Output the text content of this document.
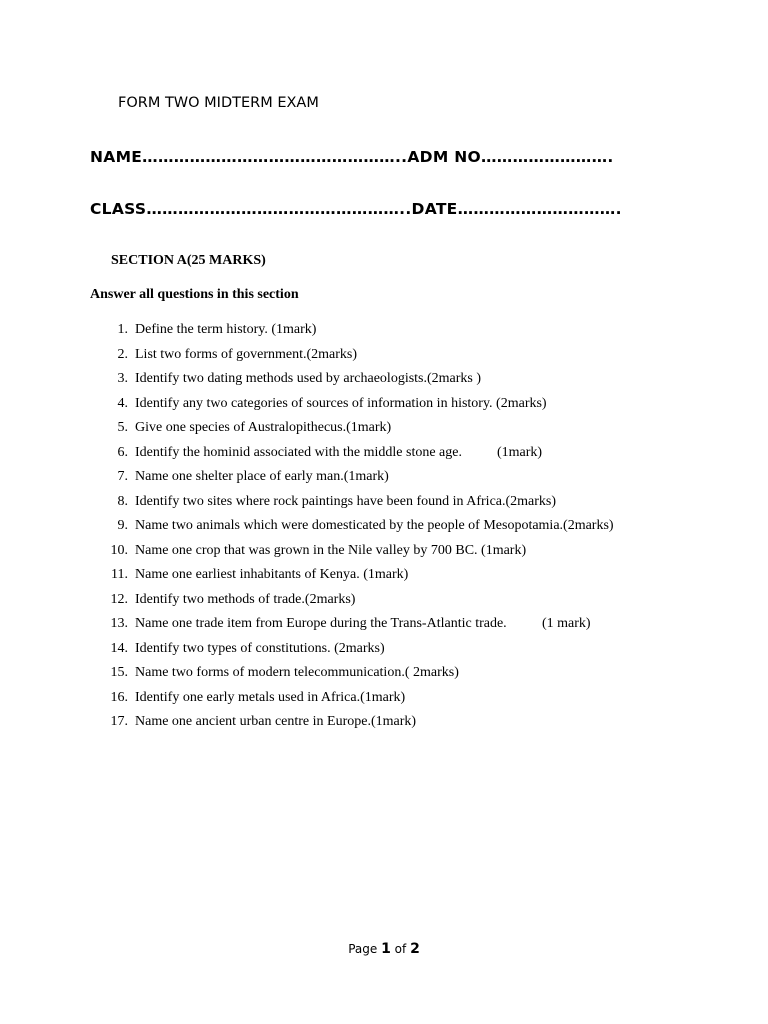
FORM TWO MIDTERM EXAM
NAME…………………………………………..ADM NO…………………….
CLASS…………………………………………..DATE………………………….
SECTION A(25 MARKS)
Answer all questions in this section
1. Define the term history. (1mark)
2. List two forms of government.(2marks)
3. Identify two dating methods used by archaeologists.(2marks )
4. Identify any two categories of sources of information in history. (2marks)
5. Give one species of Australopithecus.(1mark)
6. Identify the hominid associated with the middle stone age.	(1mark)
7. Name one shelter place of early man.(1mark)
8. Identify two sites where rock paintings have been found in Africa.(2marks)
9. Name two animals which were domesticated by the people of Mesopotamia.(2marks)
10. Name one crop that was grown in the Nile valley by 700 BC. (1mark)
11. Name one earliest inhabitants of Kenya. (1mark)
12. Identify two methods of trade.(2marks)
13. Name one trade item from Europe during the Trans-Atlantic trade.	(1 mark)
14. Identify two types of constitutions. (2marks)
15. Name two forms of modern telecommunication.( 2marks)
16. Identify one early metals used in Africa.(1mark)
17. Name one ancient urban centre in Europe.(1mark)
Page 1 of 2
